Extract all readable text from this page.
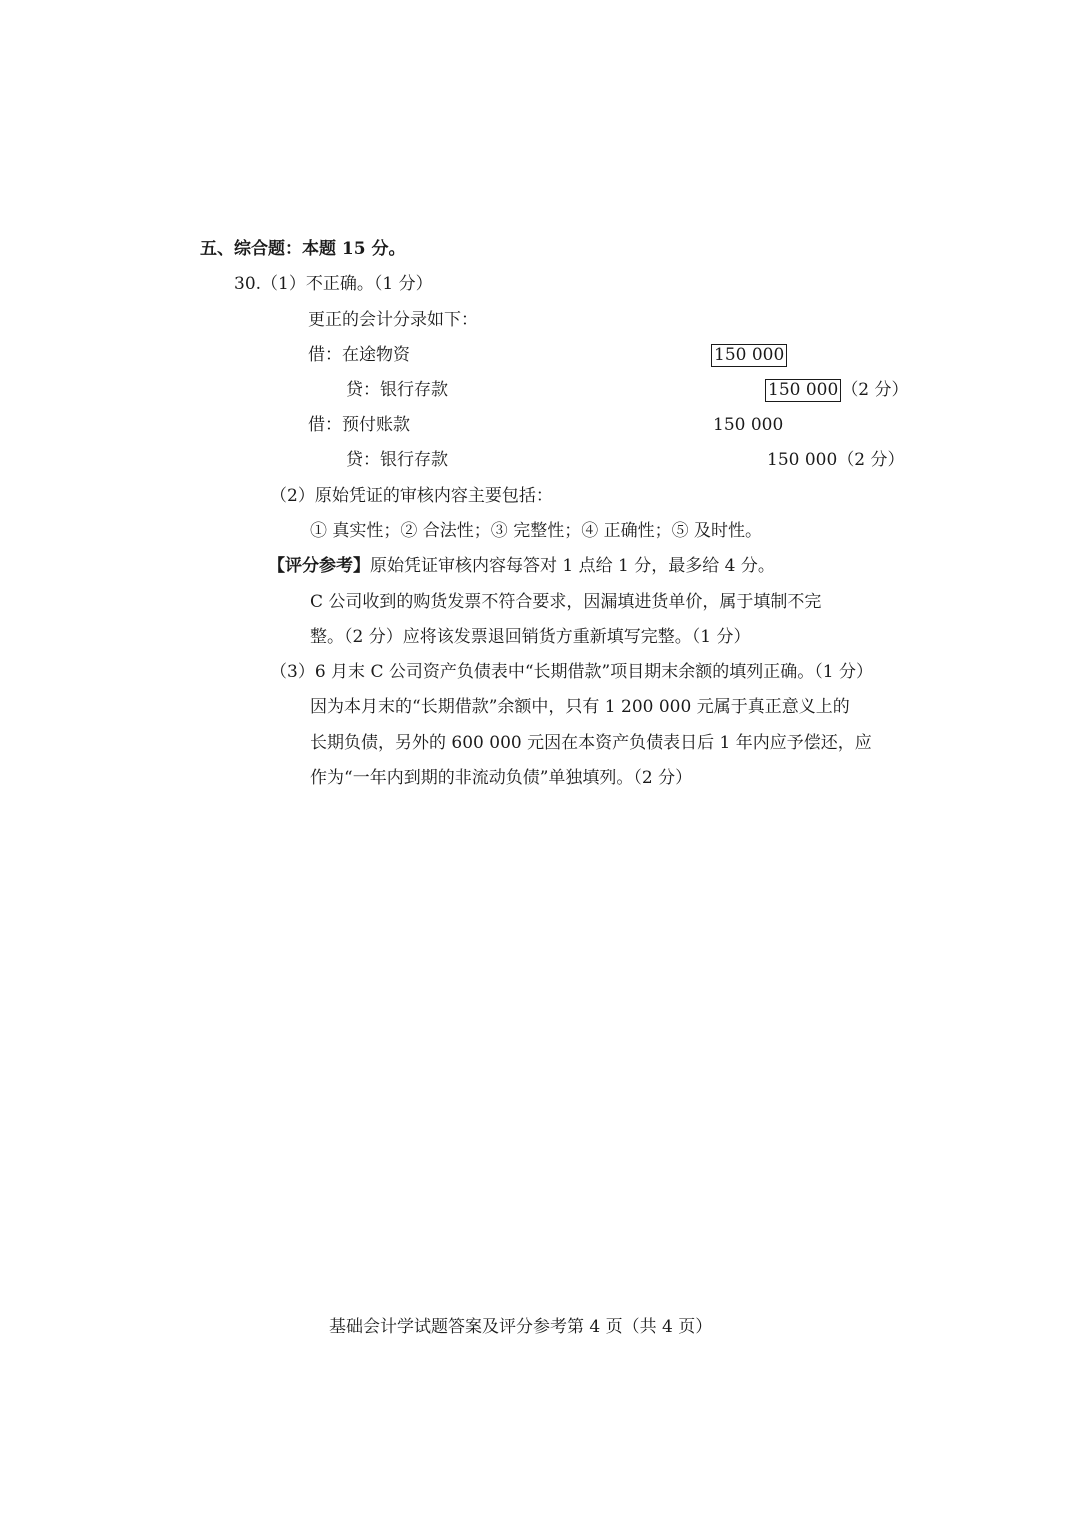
五、综合题：本题 15 分。
30.（1）不正确。（1 分）
更正的会计分录如下：
借：在途物资	150 000
贷：银行存款	150 000 （2 分）
借：预付账款	150 000
贷：银行存款	150 000（2 分）
（2）原始凭证的审核内容主要包括：
① 真实性；② 合法性；③ 完整性；④ 正确性；⑤ 及时性。
【评分参考】原始凭证审核内容每答对 1 点给 1 分，最多给 4 分。
C 公司收到的购货发票不符合要求，因漏填进货单价，属于填制不完
整。（2 分）应将该发票退回销货方重新填写完整。（1 分）
（3）6 月末 C 公司资产负债表中“长期借款”项目期末余额的填列正确。（1 分）
因为本月末的“长期借款”余额中，只有 1 200 000 元属于真正意义上的
长期负债，另外的 600 000 元因在本资产负债表日后 1 年内应予偿还，应
作为“一年内到期的非流动负债”单独填列。（2 分）
基础会计学试题答案及评分参考第 4 页（共 4 页）
